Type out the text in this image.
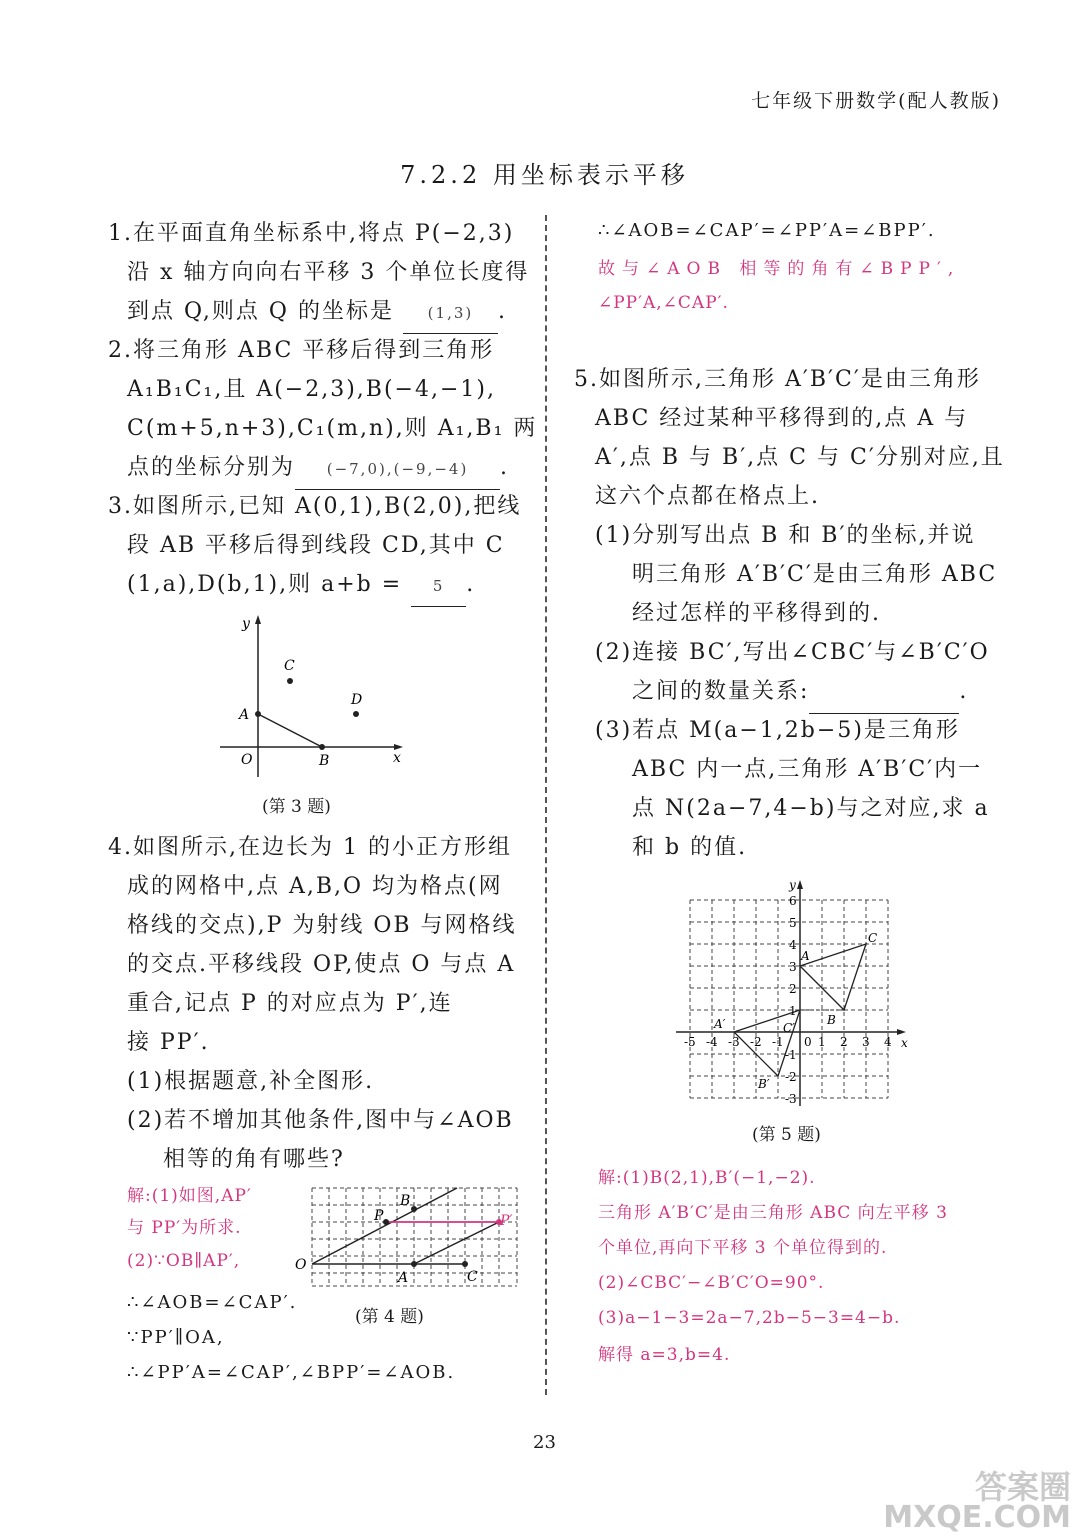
七年级下册数学(配人教版)
7.2.2 用坐标表示平移
1.在平面直角坐标系中,将点 P(−2,3)
沿 x 轴方向向右平移 3 个单位长度得
到点 Q,则点 Q 的坐标是 (1,3) .
2.将三角形 ABC 平移后得到三角形
A₁B₁C₁,且 A(−2,3),B(−4,−1),
C(m+5,n+3),C₁(m,n),则 A₁,B₁ 两
点的坐标分别为 (−7,0),(−9,−4) .
3.如图所示,已知 A(0,1),B(2,0),把线
段 AB 平移后得到线段 CD,其中 C
(1,a),D(b,1),则 a+b = 5 .
y
x
O
A
B
C
D
(第 3 题)
4.如图所示,在边长为 1 的小正方形组
成的网格中,点 A,B,O 均为格点(网
格线的交点),P 为射线 OB 与网格线
的交点.平移线段 OP,使点 O 与点 A
重合,记点 P 的对应点为 P′,连
接 PP′.
(1)根据题意,补全图形.
(2)若不增加其他条件,图中与∠AOB
相等的角有哪些?
解:(1)如图,AP′
与 PP′为所求.
(2)∵OB∥AP′,
∴∠AOB=∠CAP′.
∵PP′∥OA,
∴∠PP′A=∠CAP′,∠BPP′=∠AOB.
O
A
B
C
P	P′
(第 4 题)
∴∠AOB=∠CAP′=∠PP′A=∠BPP′.
故与∠AOB 相等的角有∠BPP′,
∠PP′A,∠CAP′.
5.如图所示,三角形 A′B′C′是由三角形
ABC 经过某种平移得到的,点 A 与
A′,点 B 与 B′,点 C 与 C′分别对应,且
这六个点都在格点上.
(1)分别写出点 B 和 B′的坐标,并说
明三角形 A′B′C′是由三角形 ABC
经过怎样的平移得到的.
(2)连接 BC′,写出∠CBC′与∠B′C′O
之间的数量关系:	.
(3)若点 M(a−1,2b−5)是三角形
ABC 内一点,三角形 A′B′C′内一
点 N(2a−7,4−b)与之对应,求 a
和 b 的值.
y
x
A
B
C
A′
B′
C′
-5 -4 -3 -2 -1 0 1 2 3 4
6
5
4
3
2
1
-1
-2
-3
(第 5 题)
解:(1)B(2,1),B′(−1,−2).
三角形 A′B′C′是由三角形 ABC 向左平移 3
个单位,再向下平移 3 个单位得到的.
(2)∠CBC′−∠B′C′O=90°.
(3)a−1−3=2a−7,2b−5−3=4−b.
解得 a=3,b=4.
23
答案圈
MXQE.COM
